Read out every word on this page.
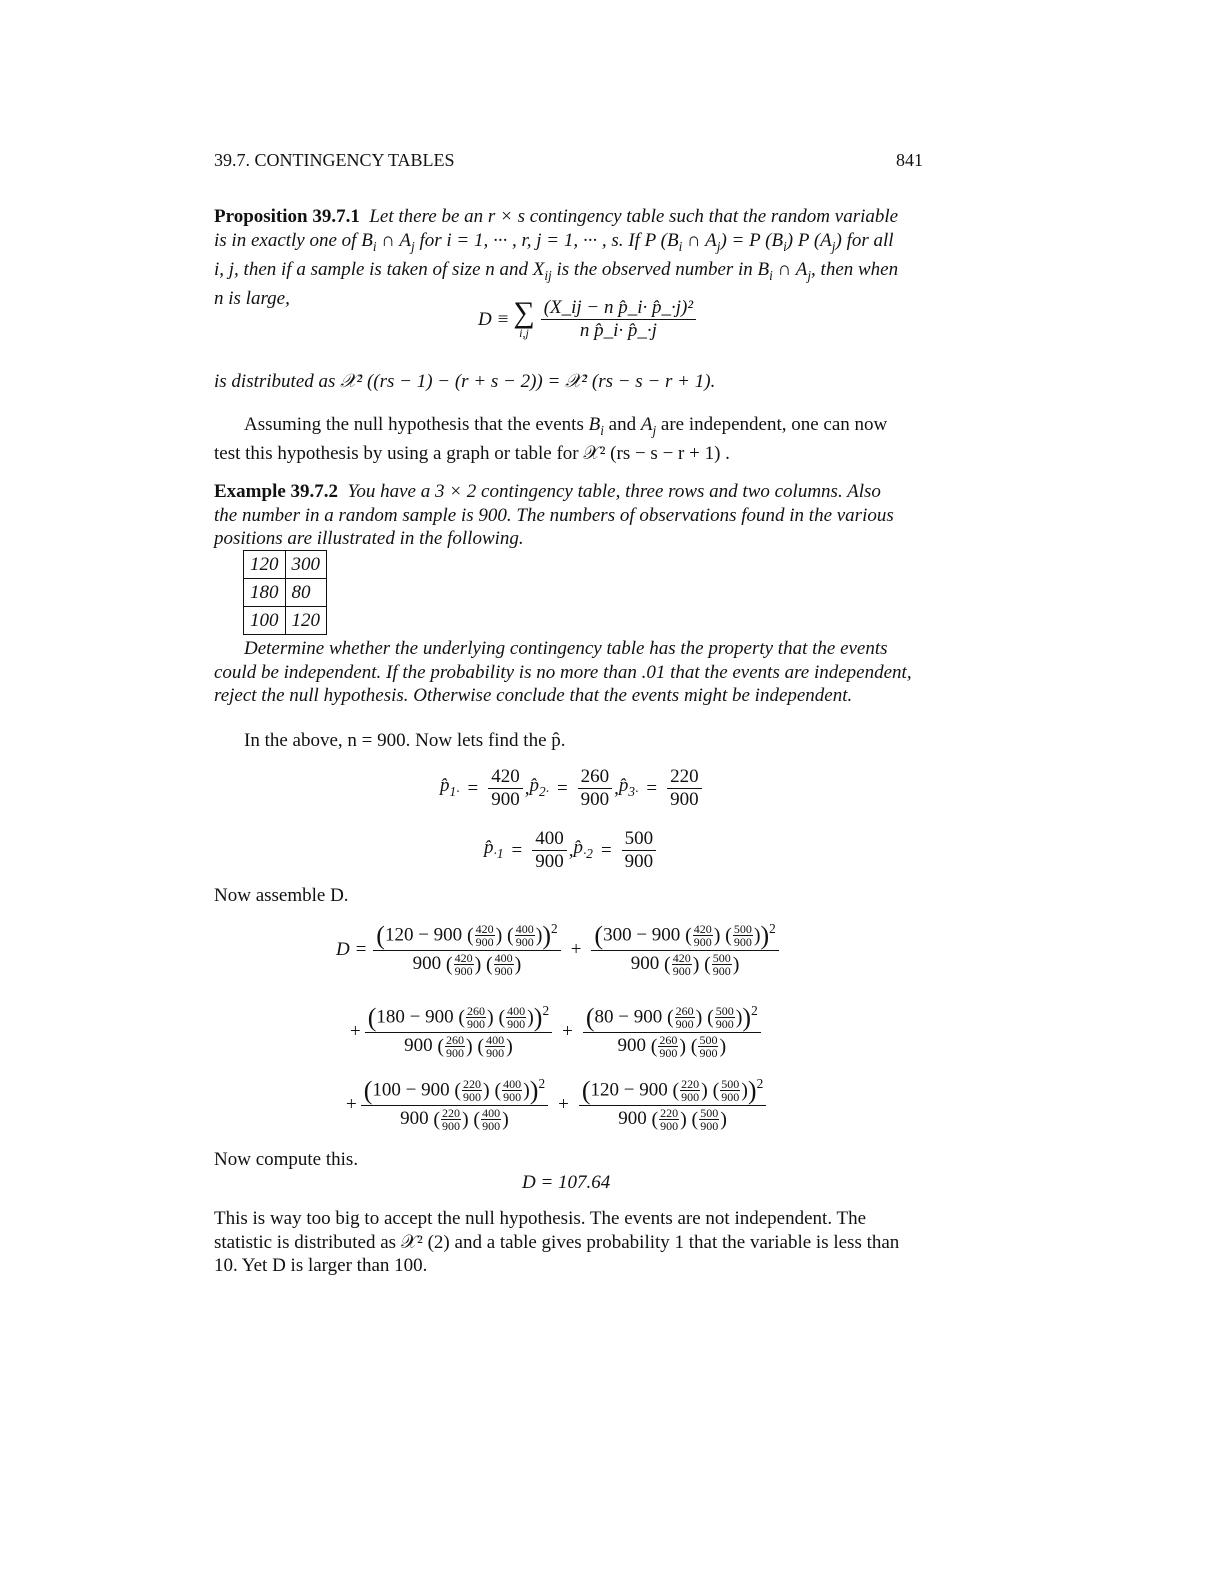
39.7. CONTINGENCY TABLES	841
Proposition 39.7.1 Let there be an r × s contingency table such that the random variable
is in exactly one of $B_i$ ∩ $A_j$ for i = 1, ··· , r, j = 1, ··· , s. If P ($B_i$ ∩ $A_j) = P$ $(B_i)$ P $(A_j)$ for all
i, j, then if a sample is taken of size n and $X_{ij}$ is the observed number in $B_i$ ∩ $A_j$, then when
n is large,
D ≡ ∑
$i,j \frac{\text{(X\_ij − n p̂\_i· p̂\_·j)²}}{\text{n p̂\_i· p̂\_·j}}$
is distributed as 𝒳² ((rs − 1) − (r + s − 2)) = 𝒳² (rs − s − r + 1).
Assuming the null hypothesis that the events $B_i$ and $A_j$ are independent, one can now
test this hypothesis by using a graph or table for 𝒳² (rs − s − r + 1) .
Example 39.7.2 You have a 3 × 2 contingency table, three rows and two columns. Also
the number in a random sample is 900. The numbers of observations found in the various
positions are illustrated in the following.
120	300
180	80
100	120
Determine whether the underlying contingency table has the property that the events
could be independent. If the probability is no more than .01 that the events are independent,
reject the null hypothesis. Otherwise conclude that the events might be independent.
In the above, n = 900. Now lets find the p̂.
$p̂_{1\cdot} = \frac{420}{900}$ , $p̂_{2\cdot} = \frac{260}{900}$ , $p̂_{3\cdot} = \frac{220}{900}$
$p̂_{\cdot 1} = \frac{400}{900}$ , $p̂_{\cdot 2} = \frac{500}{900}$
Now assemble D.
$D = \frac{(120 - 900 ( \frac{420}{900} ) ( \frac{400}{900} ))^2}{900 ( \frac{420}{900} ) ( \frac{400}{900} )} + \frac{(300 - 900 ( \frac{420}{900} ) ( \frac{500}{900} ))^2}{900 ( \frac{420}{900} ) ( \frac{500}{900} )}$
+ $\frac{(180 - 900 ( \frac{260}{900} ) ( \frac{400}{900} ))^2}{900 ( \frac{260}{900} ) ( \frac{400}{900} )} + \frac{(80 - 900 ( \frac{260}{900} ) ( \frac{500}{900} ))^2}{900 ( \frac{260}{900} ) ( \frac{500}{900} )}$
+ $\frac{(100 - 900 ( \frac{220}{900} ) ( \frac{400}{900} ))^2}{900 ( \frac{220}{900} ) ( \frac{400}{900} )} + \frac{(120 - 900 ( \frac{220}{900} ) ( \frac{500}{900} ))^2}{900 ( \frac{220}{900} ) ( \frac{500}{900} )}$
Now compute this.
D = 107.64
This is way too big to accept the null hypothesis. The events are not independent. The
statistic is distributed as 𝒳² (2) and a table gives probability 1 that the variable is less than
10. Yet D is larger than 100.
